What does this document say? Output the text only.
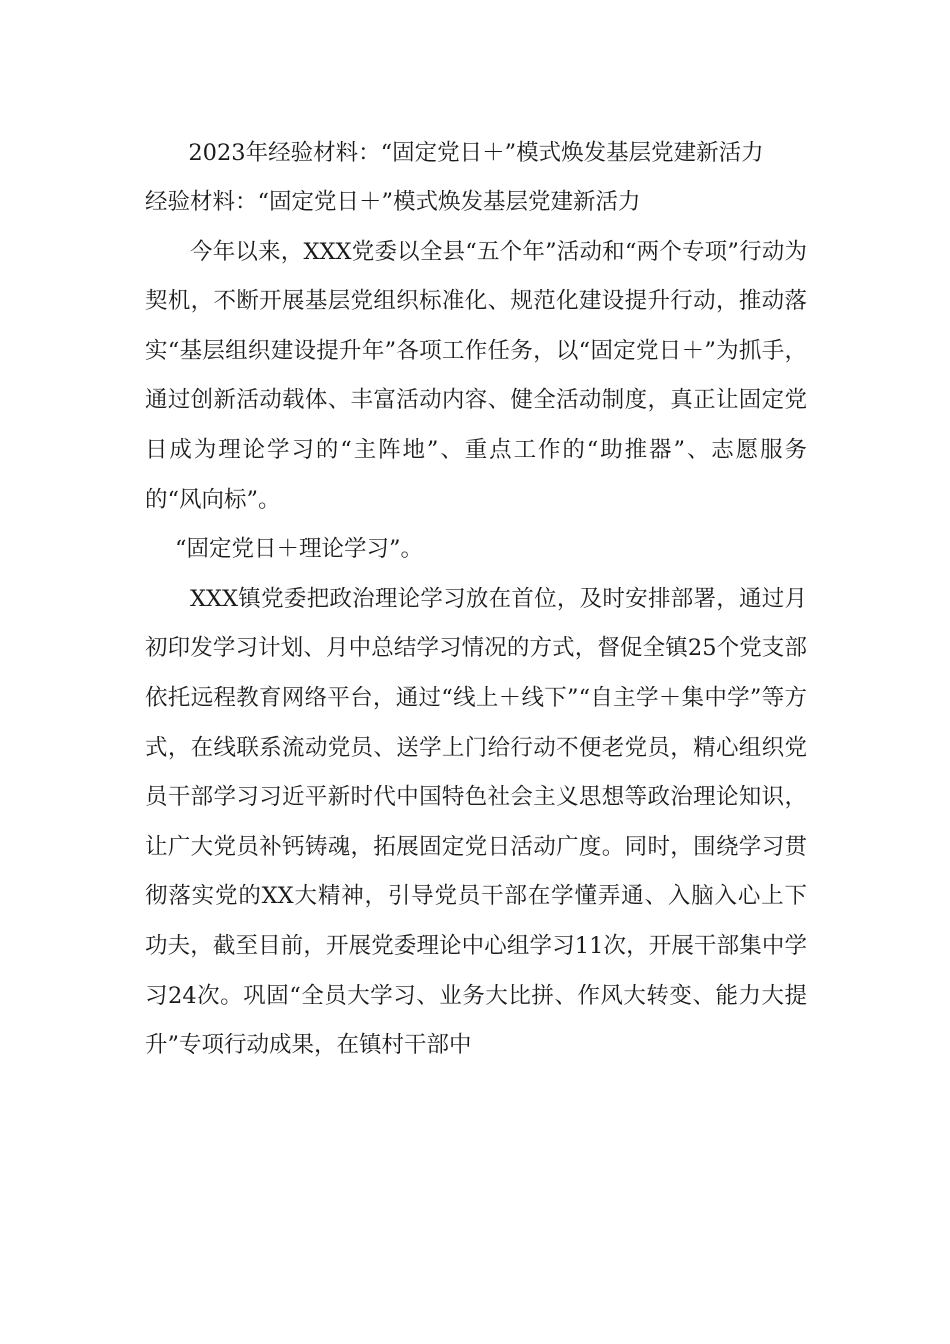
2023年经验材料：“固定党日＋”模式焕发基层党建新活力

经验材料：“固定党日＋”模式焕发基层党建新活力

今年以来，XXX党委以全县“五个年”活动和“两个专项”行动为契机，不断开展基层党组织标准化、规范化建设提升行动，推动落实“基层组织建设提升年”各项工作任务，以“固定党日＋”为抓手，通过创新活动载体、丰富活动内容、健全活动制度，真正让固定党日成为理论学习的“主阵地”、重点工作的“助推器”、志愿服务的“风向标”。

“固定党日＋理论学习”。

XXX镇党委把政治理论学习放在首位，及时安排部署，通过月初印发学习计划、月中总结学习情况的方式，督促全镇25个党支部依托远程教育网络平台，通过“线上＋线下”“自主学＋集中学”等方式，在线联系流动党员、送学上门给行动不便老党员，精心组织党员干部学习习近平新时代中国特色社会主义思想等政治理论知识，让广大党员补钙铸魂，拓展固定党日活动广度。同时，围绕学习贯彻落实党的XX大精神，引导党员干部在学懂弄通、入脑入心上下功夫，截至目前，开展党委理论中心组学习11次，开展干部集中学习24次。巩固“全员大学习、业务大比拼、作风大转变、能力大提升”专项行动成果，在镇村干部中
